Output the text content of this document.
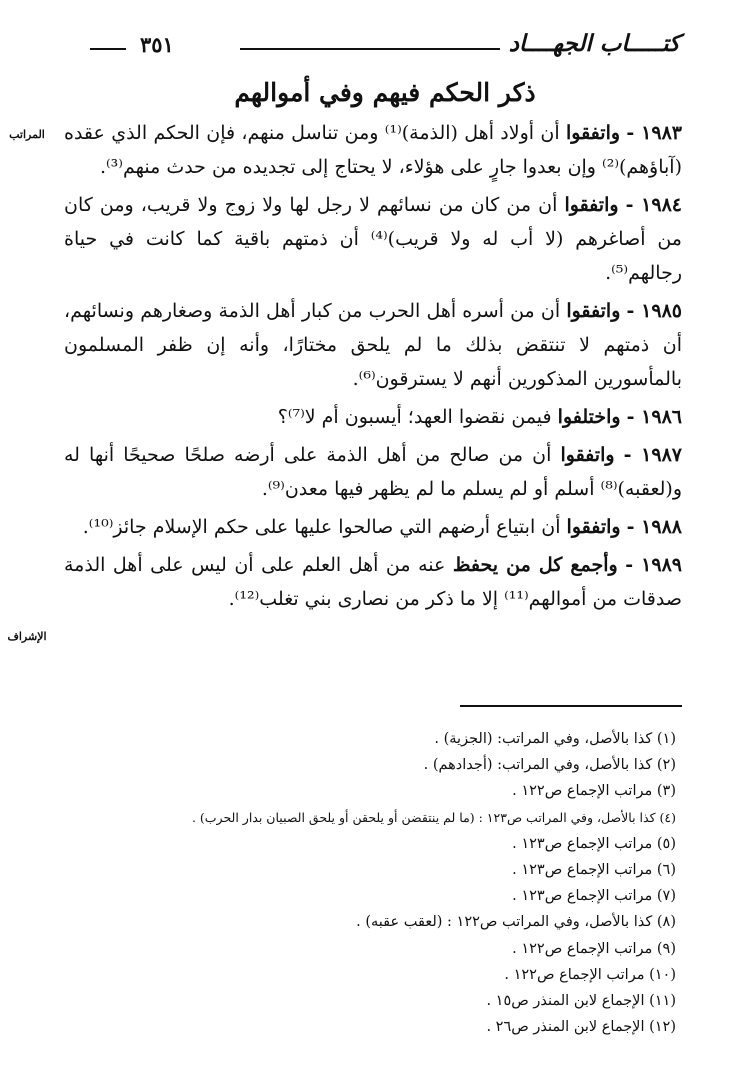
كتـــــاب الجهــــاد
٣٥١
ذكر الحكم فيهم وفي أموالهم
المراتب
الإشراف

١٩٨٣ - واتفقوا أن أولاد أهل (الذمة)⁽¹⁾ ومن تناسل منهم، فإن الحكم الذي عقده (آباؤهم)⁽²⁾ وإن بعدوا جارٍ على هؤلاء، لا يحتاج إلى تجديده من حدث منهم⁽³⁾.

١٩٨٤ - واتفقوا أن من كان من نسائهم لا رجل لها ولا زوج ولا قريب، ومن كان من أصاغرهم (لا أب له ولا قريب)⁽⁴⁾ أن ذمتهم باقية كما كانت في حياة رجالهم⁽⁵⁾.

١٩٨٥ - واتفقوا أن من أسره أهل الحرب من كبار أهل الذمة وصغارهم ونسائهم، أن ذمتهم لا تنتقض بذلك ما لم يلحق مختارًا، وأنه إن ظفر المسلمون بالمأسورين المذكورين أنهم لا يسترقون⁽⁶⁾.

١٩٨٦ - واختلفوا فيمن نقضوا العهد؛ أيسبون أم لا⁽⁷⁾؟

١٩٨٧ - واتفقوا أن من صالح من أهل الذمة على أرضه صلحًا صحيحًا أنها له و(لعقبه)⁽⁸⁾ أسلم أو لم يسلم ما لم يظهر فيها معدن⁽⁹⁾.

١٩٨٨ - واتفقوا أن ابتياع أرضهم التي صالحوا عليها على حكم الإسلام جائز⁽¹⁰⁾.

١٩٨٩ - وأجمع كل من يحفظ عنه من أهل العلم على أن ليس على أهل الذمة صدقات من أموالهم⁽¹¹⁾ إلا ما ذكر من نصارى بني تغلب⁽¹²⁾.

(١) كذا بالأصل، وفي المراتب: (الجزية) .
(٢) كذا بالأصل، وفي المراتب: (أجدادهم) .
(٣) مراتب الإجماع ص١٢٢ .
(٤) كذا بالأصل، وفي المراتب ص١٢٣ : (ما لم ينتقضن أو يلحقن أو يلحق الصبيان بدار الحرب) .
(٥) مراتب الإجماع ص١٢٣ .
(٦) مراتب الإجماع ص١٢٣ .
(٧) مراتب الإجماع ص١٢٣ .
(٨) كذا بالأصل، وفي المراتب ص١٢٢ : (لعقب عقبه) .
(٩) مراتب الإجماع ص١٢٢ .
(١٠) مراتب الإجماع ص١٢٢ .
(١١) الإجماع لابن المنذر ص١٥ .
(١٢) الإجماع لابن المنذر ص٢٦ .
